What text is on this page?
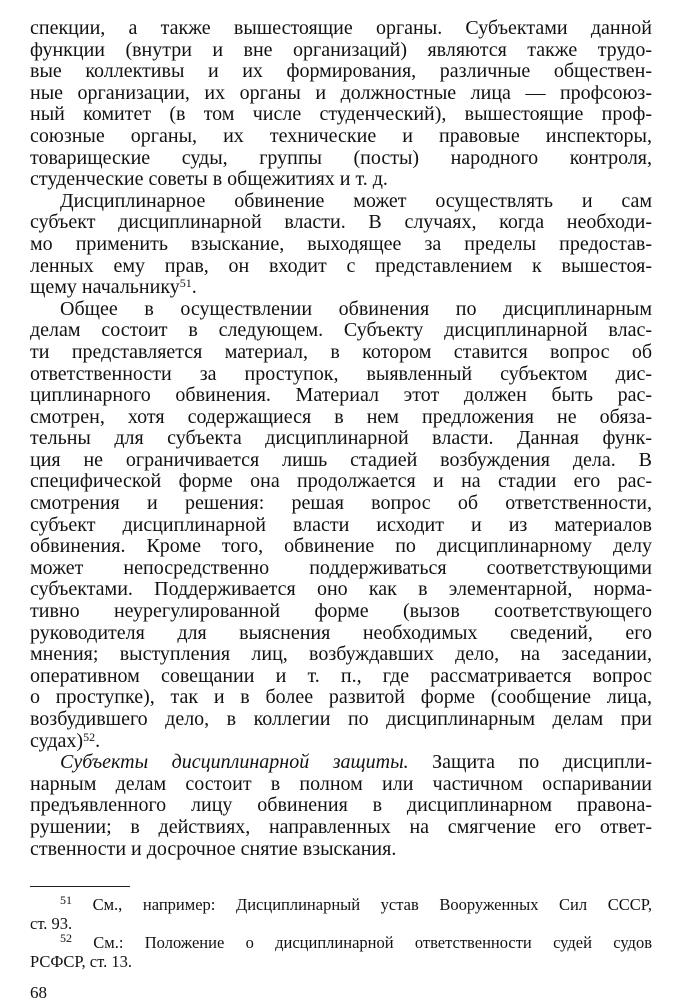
спекции, а также вышестоящие органы. Субъектами данной
функции (внутри и вне организаций) являются также трудо-
вые коллективы и их формирования, различные обществен-
ные организации, их органы и должностные лица — профсоюз-
ный комитет (в том числе студенческий), вышестоящие проф-
союзные органы, их технические и правовые инспекторы,
товарищеские суды, группы (посты) народного контроля,
студенческие советы в общежитиях и т. д.
Дисциплинарное обвинение может осуществлять и сам
субъект дисциплинарной власти. В случаях, когда необходи-
мо применить взыскание, выходящее за пределы предостав-
ленных ему прав, он входит с представлением к вышестоя-
щему начальнику$^{51}$.
Общее в осуществлении обвинения по дисциплинарным
делам состоит в следующем. Субъекту дисциплинарной влас-
ти представляется материал, в котором ставится вопрос об
ответственности за проступок, выявленный субъектом дис-
циплинарного обвинения. Материал этот должен быть рас-
смотрен, хотя содержащиеся в нем предложения не обяза-
тельны для субъекта дисциплинарной власти. Данная функ-
ция не ограничивается лишь стадией возбуждения дела. В
специфической форме она продолжается и на стадии его рас-
смотрения и решения: решая вопрос об ответственности,
субъект дисциплинарной власти исходит и из материалов
обвинения. Кроме того, обвинение по дисциплинарному делу
может непосредственно поддерживаться соответствующими
субъектами. Поддерживается оно как в элементарной, норма-
тивно неурегулированной форме (вызов соответствующего
руководителя для выяснения необходимых сведений, его
мнения; выступления лиц, возбуждавших дело, на заседании,
оперативном совещании и т. п., где рассматривается вопрос
о проступке), так и в более развитой форме (сообщение лица,
возбудившего дело, в коллегии по дисциплинарным делам при
судах)$^{52}$.
Субъекты дисциплинарной защиты. Защита по дисципли-
нарным делам состоит в полном или частичном оспаривании
предъявленного лицу обвинения в дисциплинарном правона-
рушении; в действиях, направленных на смягчение его ответ-
ственности и досрочное снятие взыскания.
$^{51}$ См., например: Дисциплинарный устав Вооруженных Сил СССР,
ст. 93.
$^{52}$ См.: Положение о дисциплинарной ответственности судей судов
РСФСР, ст. 13.
68
